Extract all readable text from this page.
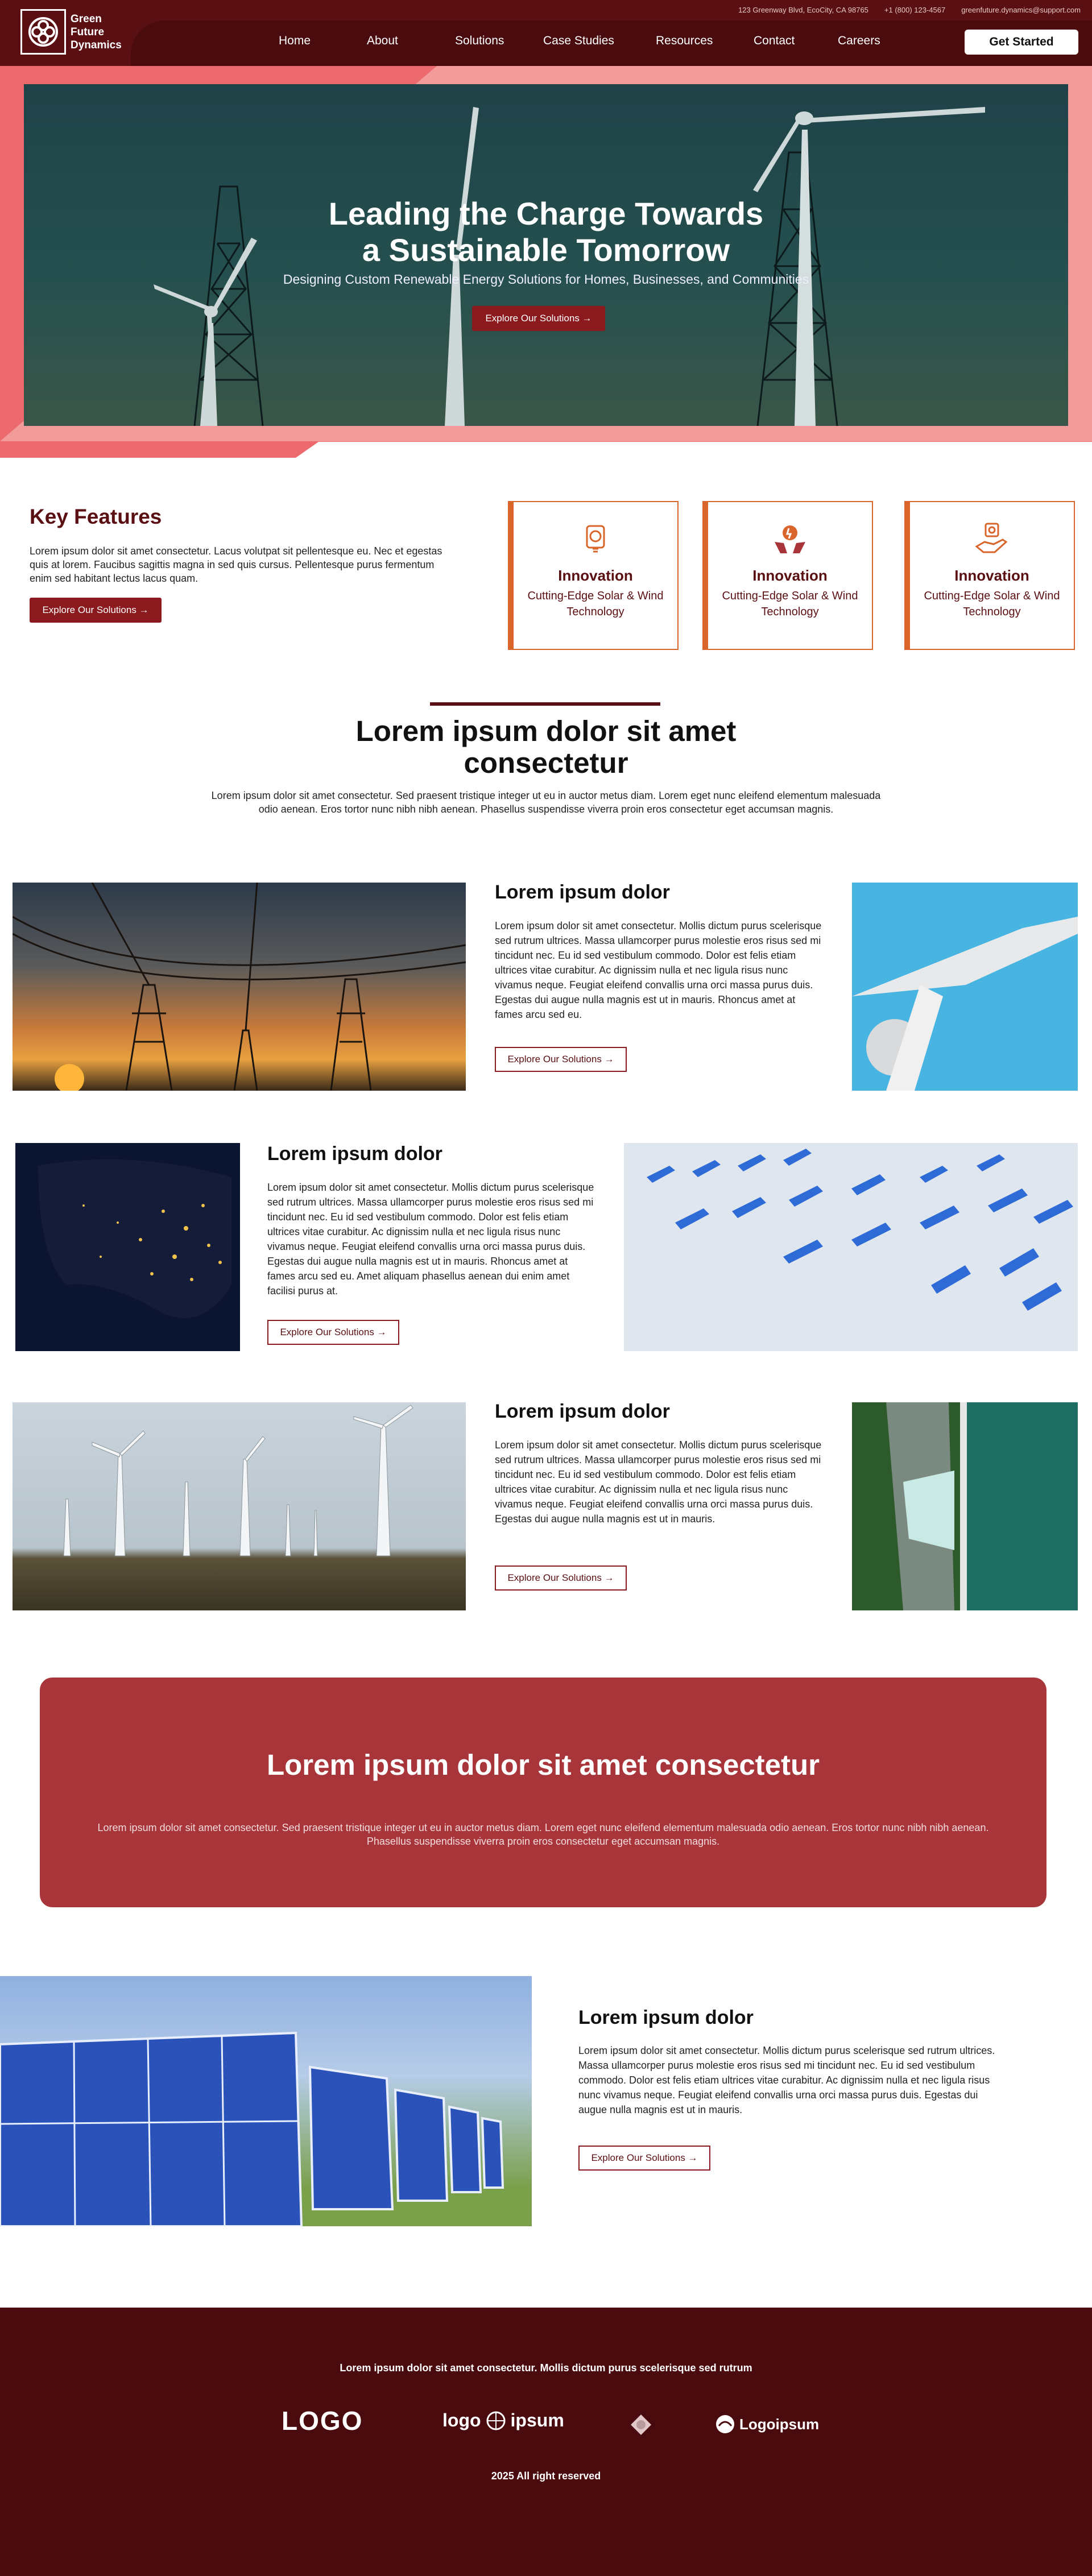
123 Greenway Blvd, EcoCity, CA 98765 +1 (800) 123-4567 greenfuture.dynamics@support.com
Green
Future
Dynamics	Home	About	Solutions	Case Studies	Resources	Contact	Careers	Get Started
Leading the Charge Towards
a Sustainable Tomorrow
Designing Custom Renewable Energy Solutions for Homes, Businesses, and Communities
Explore Our Solutions →
Key Features
Lorem ipsum dolor sit amet consectetur. Lacus volutpat sit pellentesque eu. Nec et egestas quis at lorem. Faucibus sagittis magna in sed quis cursus. Pellentesque purus fermentum enim sed habitant lectus lacus quam.
Explore Our Solutions →
Innovation
Cutting-Edge Solar & Wind Technology
Innovation
Cutting-Edge Solar & Wind Technology
Innovation
Cutting-Edge Solar & Wind Technology
Lorem ipsum dolor sit amet consectetur
Lorem ipsum dolor sit amet consectetur. Sed praesent tristique integer ut eu in auctor metus diam. Lorem eget nunc eleifend elementum malesuada odio aenean. Eros tortor nunc nibh nibh aenean. Phasellus suspendisse viverra proin eros consectetur eget accumsan magnis.
Lorem ipsum dolor
Lorem ipsum dolor sit amet consectetur. Mollis dictum purus scelerisque sed rutrum ultrices. Massa ullamcorper purus molestie eros risus sed mi tincidunt nec. Eu id sed vestibulum commodo. Dolor est felis etiam ultrices vitae curabitur. Ac dignissim nulla et nec ligula risus nunc vivamus neque. Feugiat eleifend convallis urna orci massa purus duis. Egestas dui augue nulla magnis est ut in mauris. Rhoncus amet at fames arcu sed eu.
Explore Our Solutions →
Lorem ipsum dolor
Lorem ipsum dolor sit amet consectetur. Mollis dictum purus scelerisque sed rutrum ultrices. Massa ullamcorper purus molestie eros risus sed mi tincidunt nec. Eu id sed vestibulum commodo. Dolor est felis etiam ultrices vitae curabitur. Ac dignissim nulla et nec ligula risus nunc vivamus neque. Feugiat eleifend convallis urna orci massa purus duis. Egestas dui augue nulla magnis est ut in mauris. Rhoncus amet at fames arcu sed eu. Amet aliquam phasellus aenean dui enim amet facilisi purus at.
Explore Our Solutions →
Lorem ipsum dolor
Lorem ipsum dolor sit amet consectetur. Mollis dictum purus scelerisque sed rutrum ultrices. Massa ullamcorper purus molestie eros risus sed mi tincidunt nec. Eu id sed vestibulum commodo. Dolor est felis etiam ultrices vitae curabitur. Ac dignissim nulla et nec ligula risus nunc vivamus neque. Feugiat eleifend convallis urna orci massa purus duis. Egestas dui augue nulla magnis est ut in mauris.
Explore Our Solutions →
Lorem ipsum dolor sit amet consectetur
Lorem ipsum dolor sit amet consectetur. Sed praesent tristique integer ut eu in auctor metus diam. Lorem eget nunc eleifend elementum malesuada odio aenean. Eros tortor nunc nibh nibh aenean. Phasellus suspendisse viverra proin eros consectetur eget accumsan magnis.
Lorem ipsum dolor
Lorem ipsum dolor sit amet consectetur. Mollis dictum purus scelerisque sed rutrum ultrices. Massa ullamcorper purus molestie eros risus sed mi tincidunt nec. Eu id sed vestibulum commodo. Dolor est felis etiam ultrices vitae curabitur. Ac dignissim nulla et nec ligula risus nunc vivamus neque. Feugiat eleifend convallis urna orci massa purus duis. Egestas dui augue nulla magnis est ut in mauris.
Explore Our Solutions →
Lorem ipsum dolor sit amet consectetur. Mollis dictum purus scelerisque sed rutrum
LOGO	logo ipsum	Logoipsum
2025 All right reserved
